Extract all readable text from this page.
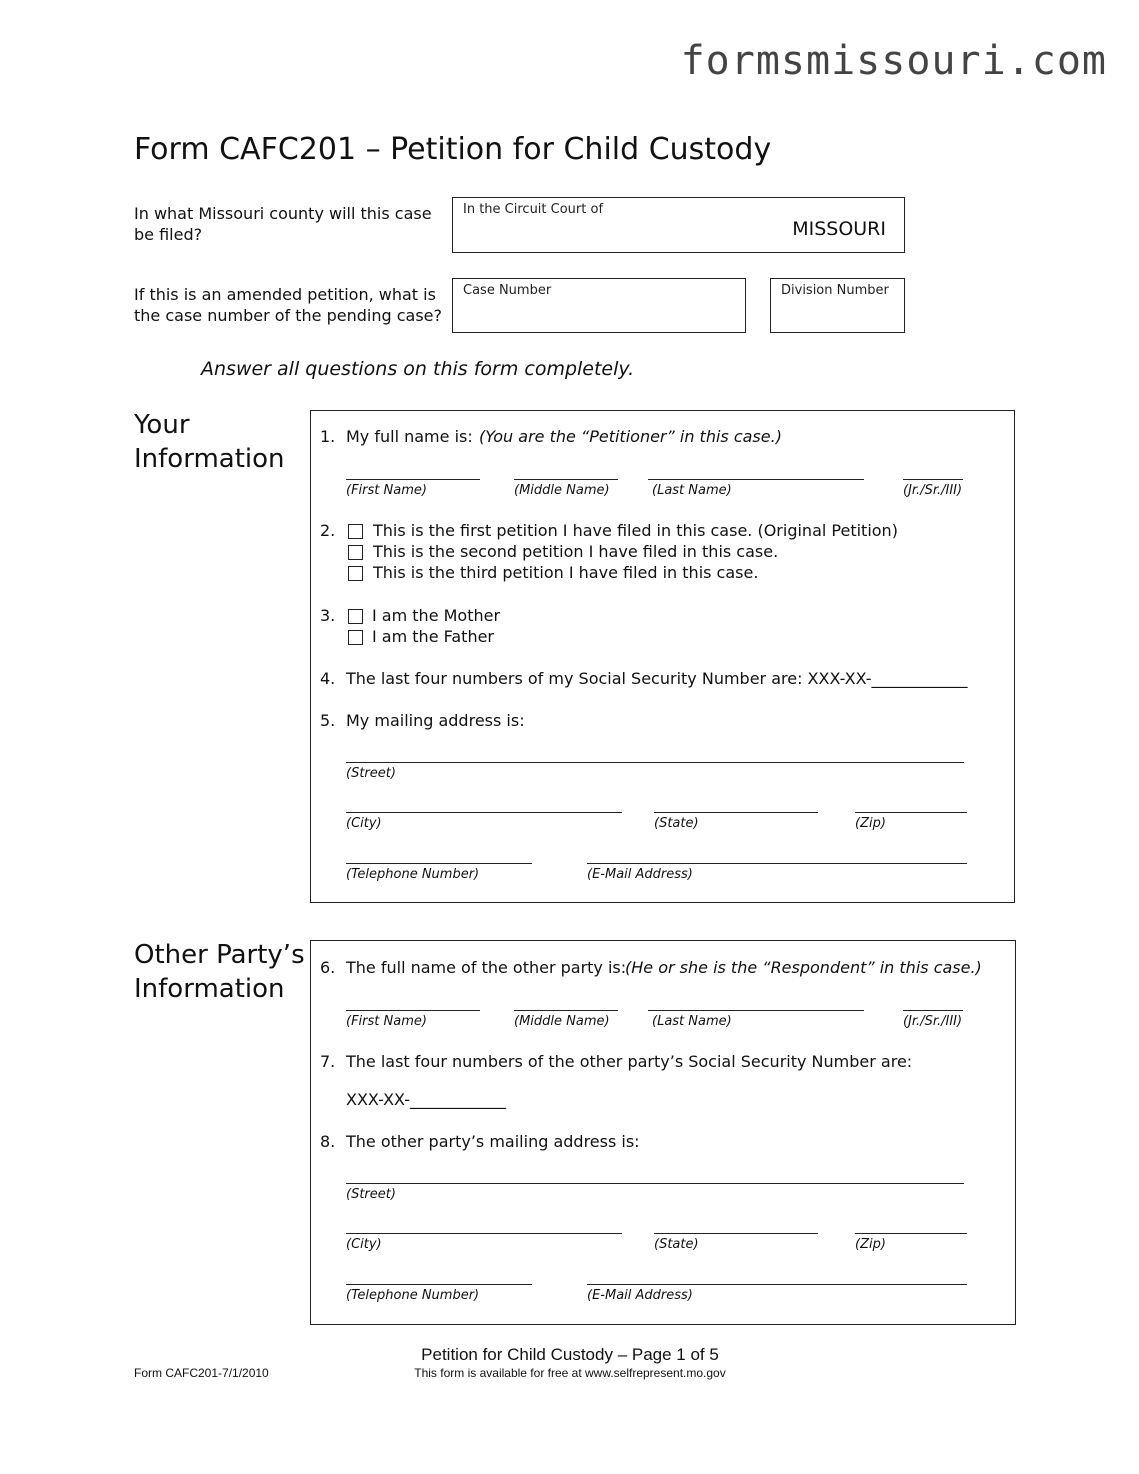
formsmissouri.com
Form CAFC201 – Petition for Child Custody
In what Missouri county will this case be filed?
In the Circuit Court of
MISSOURI
If this is an amended petition, what is the case number of the pending case?
Case Number	Division Number
Answer all questions on this form completely.
Your
Information
1. My full name is: (You are the “Petitioner” in this case.)
(First Name)	(Middle Name)	(Last Name)	(Jr./Sr./III)
2. This is the first petition I have filed in this case. (Original Petition)
This is the second petition I have filed in this case.
This is the third petition I have filed in this case.
3. I am the Mother
I am the Father
4. The last four numbers of my Social Security Number are: XXX-XX-____________
5. My mailing address is:
(Street)
(City)	(State)	(Zip)
(Telephone Number)	(E-Mail Address)
Other Party’s
Information
6. The full name of the other party is:
(He or she is the “Respondent” in this case.)
(First Name)	(Middle Name)	(Last Name)	(Jr./Sr./III)
7. The last four numbers of the other party’s Social Security Number are:
XXX-XX-____________
8. The other party’s mailing address is:
(Street)
(City)	(State)	(Zip)
(Telephone Number)	(E-Mail Address)
Petition for Child Custody – Page 1 of 5
Form CAFC201-7/1/2010	This form is available for free at www.selfrepresent.mo.gov
